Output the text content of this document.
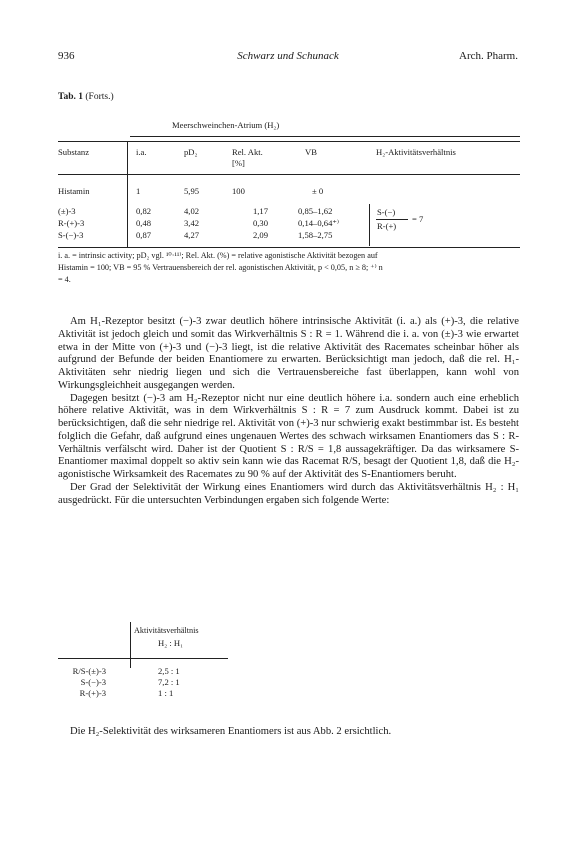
936	Schwarz und Schunack	Arch. Pharm.
Tab. 1 (Forts.)
Meerschweinchen-Atrium (H₂)
Substanz	i.a.	pD₂	Rel. Akt.
[%]
VB	H₂-Aktivitätsverhältnis
Histamin	1	5,95	100	± 0
(±)-3	0,82	4,02	1,17	0,85–1,62
R-(+)-3	0,48	3,42	0,30	0,14–0,64⁺⁾
S-(−)-3	0,87	4,27	2,09	1,58–2,75
S-(−)
R-(+)
= 7
i. a. = intrinsic activity; pD₂ vgl. ¹⁰·¹¹⁾; Rel. Akt. (%) = relative agonistische Aktivität bezogen auf
Histamin = 100; VB = 95 % Vertrauensbereich der rel. agonistischen Aktivität, p < 0,05, n ≥ 8; ⁺⁾ n
= 4.

Am H₁-Rezeptor besitzt (−)-3 zwar deutlich höhere intrinsische Aktivität (i. a.) als (+)-3, die relative Aktivität ist jedoch gleich und somit das Wirkverhältnis S : R = 1. Während die i. a. von (±)-3 wie erwartet etwa in der Mitte von (+)-3 und (−)-3 liegt, ist die relative Aktivität des Racemates scheinbar höher als aufgrund der Befunde der beiden Enantiomere zu erwarten. Berücksichtigt man jedoch, daß die rel. H₁-Aktivitäten sehr niedrig liegen und sich die Vertrauensbereiche fast überlappen, kann wohl von Wirkungsgleichheit ausgegangen werden.

Dagegen besitzt (−)-3 am H₂-Rezeptor nicht nur eine deutlich höhere i.a. sondern auch eine erheblich höhere relative Aktivität, was in dem Wirkverhältnis S : R = 7 zum Ausdruck kommt. Dabei ist zu berücksichtigen, daß die sehr niedrige rel. Aktivität von (+)-3 nur schwierig exakt bestimmbar ist. Es besteht folglich die Gefahr, daß aufgrund eines ungenauen Wertes des schwach wirksamen Enantiomers das S : R-Verhältnis verfälscht wird. Daher ist der Quotient S : R/S = 1,8 aussagekräftiger. Da das wirksamere S-Enantiomer maximal doppelt so aktiv sein kann wie das Racemat R/S, besagt der Quotient 1,8, daß die H₂-agonistische Wirksamkeit des Racemates zu 90 % auf der Aktivität des S-Enantiomers beruht.

Der Grad der Selektivität der Wirkung eines Enantiomers wird durch das Aktivitätsverhältnis H₂ : H₁ ausgedrückt. Für die untersuchten Verbindungen ergaben sich folgende Werte:

Aktivitätsverhältnis
H₂ : H₁
R/S-(±)-3	2,5 : 1
S-(−)-3	7,2 : 1
R-(+)-3	1 : 1
Die H₂-Selektivität des wirksameren Enantiomers ist aus Abb. 2 ersichtlich.
